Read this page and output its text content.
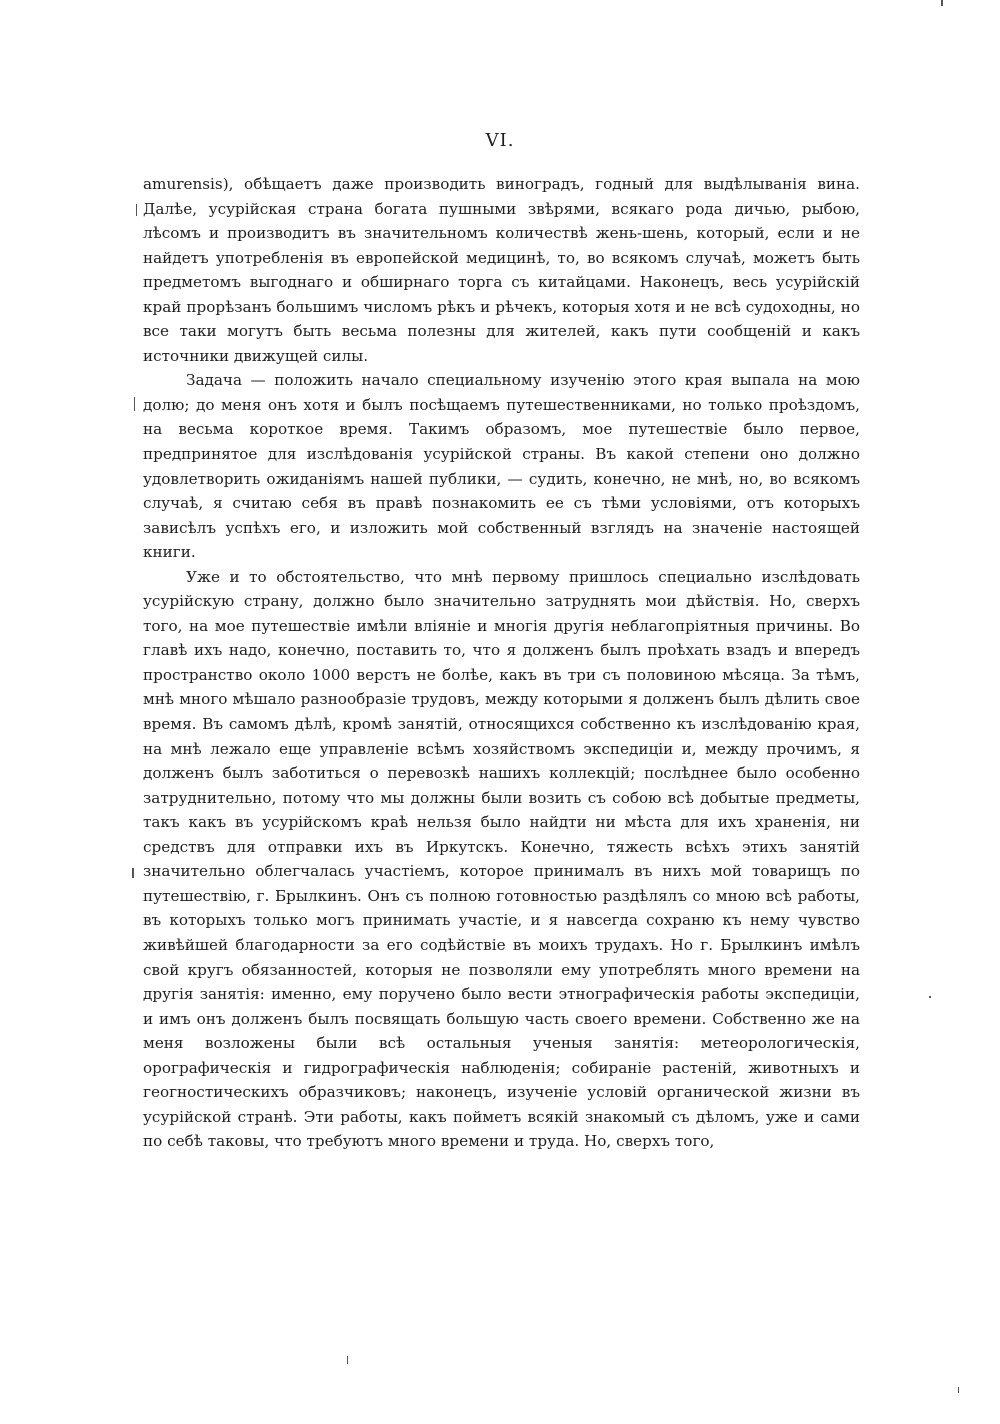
VI.

amurensis), обѣщаетъ даже производить виноградъ, годный для выдѣлыванія вина. Далѣе, усурійская страна богата пушными звѣрями, всякаго рода дичью, рыбою, лѣсомъ и производитъ въ значительномъ количествѣ жень-шень, который, если и не найдетъ употребленія въ европейской медицинѣ, то, во всякомъ случаѣ, можетъ быть предметомъ выгоднаго и обширнаго торга съ китайцами. Наконецъ, весь усурійскій край прорѣзанъ большимъ числомъ рѣкъ и рѣчекъ, которыя хотя и не всѣ судоходны, но все таки могутъ быть весьма полезны для жителей, какъ пути сообщеній и какъ источники движущей силы.

Задача — положить начало специальному изученію этого края выпала на мою долю; до меня онъ хотя и былъ посѣщаемъ путешественниками, но только проѣздомъ, на весьма короткое время. Такимъ образомъ, мое путешествіе было первое, предпринятое для изслѣдованія усурійской страны. Въ какой степени оно должно удовлетворить ожиданіямъ нашей публики, — судить, конечно, не мнѣ, но, во всякомъ случаѣ, я считаю себя въ правѣ познакомить ее съ тѣми условіями, отъ которыхъ зависѣлъ успѣхъ его, и изложить мой собственный взглядъ на значеніе настоящей книги.

Уже и то обстоятельство, что мнѣ первому пришлось специально изслѣдовать усурійскую страну, должно было значительно затруднять мои дѣйствія. Но, сверхъ того, на мое путешествіе имѣли вліяніе и многія другія неблагопріятныя причины. Во главѣ ихъ надо, конечно, поставить то, что я долженъ былъ проѣхать взадъ и впередъ пространство около 1000 верстъ не болѣе, какъ въ три съ половиною мѣсяца. За тѣмъ, мнѣ много мѣшало разнообразіе трудовъ, между которыми я долженъ былъ дѣлить свое время. Въ самомъ дѣлѣ, кромѣ занятій, относящихся собственно къ изслѣдованію края, на мнѣ лежало еще управленіе всѣмъ хозяйствомъ экспедиціи и, между прочимъ, я долженъ былъ заботиться о перевозкѣ нашихъ коллекцій; послѣднее было особенно затруднительно, потому что мы должны были возить съ собою всѣ добытые предметы, такъ какъ въ усурійскомъ краѣ нельзя было найдти ни мѣста для ихъ храненія, ни средствъ для отправки ихъ въ Иркутскъ. Конечно, тяжесть всѣхъ этихъ занятій значительно облегчалась участіемъ, которое принималъ въ нихъ мой товарищъ по путешествію, г. Брылкинъ. Онъ съ полною готовностью раздѣлялъ со мною всѣ работы, въ которыхъ только могъ принимать участіе, и я навсегда сохраню къ нему чувство живѣйшей благодарности за его содѣйствіе въ моихъ трудахъ. Но г. Брылкинъ имѣлъ свой кругъ обязанностей, которыя не позволяли ему употреблять много времени на другія занятія: именно, ему поручено было вести этнографическія работы экспедиціи, и имъ онъ долженъ былъ посвящать большую часть своего времени. Собственно же на меня возложены были всѣ остальныя ученыя занятія: метеорологическія, орографическія и гидрографическія наблюденія; собираніе растеній, животныхъ и геогностическихъ образчиковъ; наконецъ, изученіе условій органической жизни въ усурійской странѣ. Эти работы, какъ пойметъ всякій знакомый съ дѣломъ, уже и сами по себѣ таковы, что требуютъ много времени и труда. Но, сверхъ того,
